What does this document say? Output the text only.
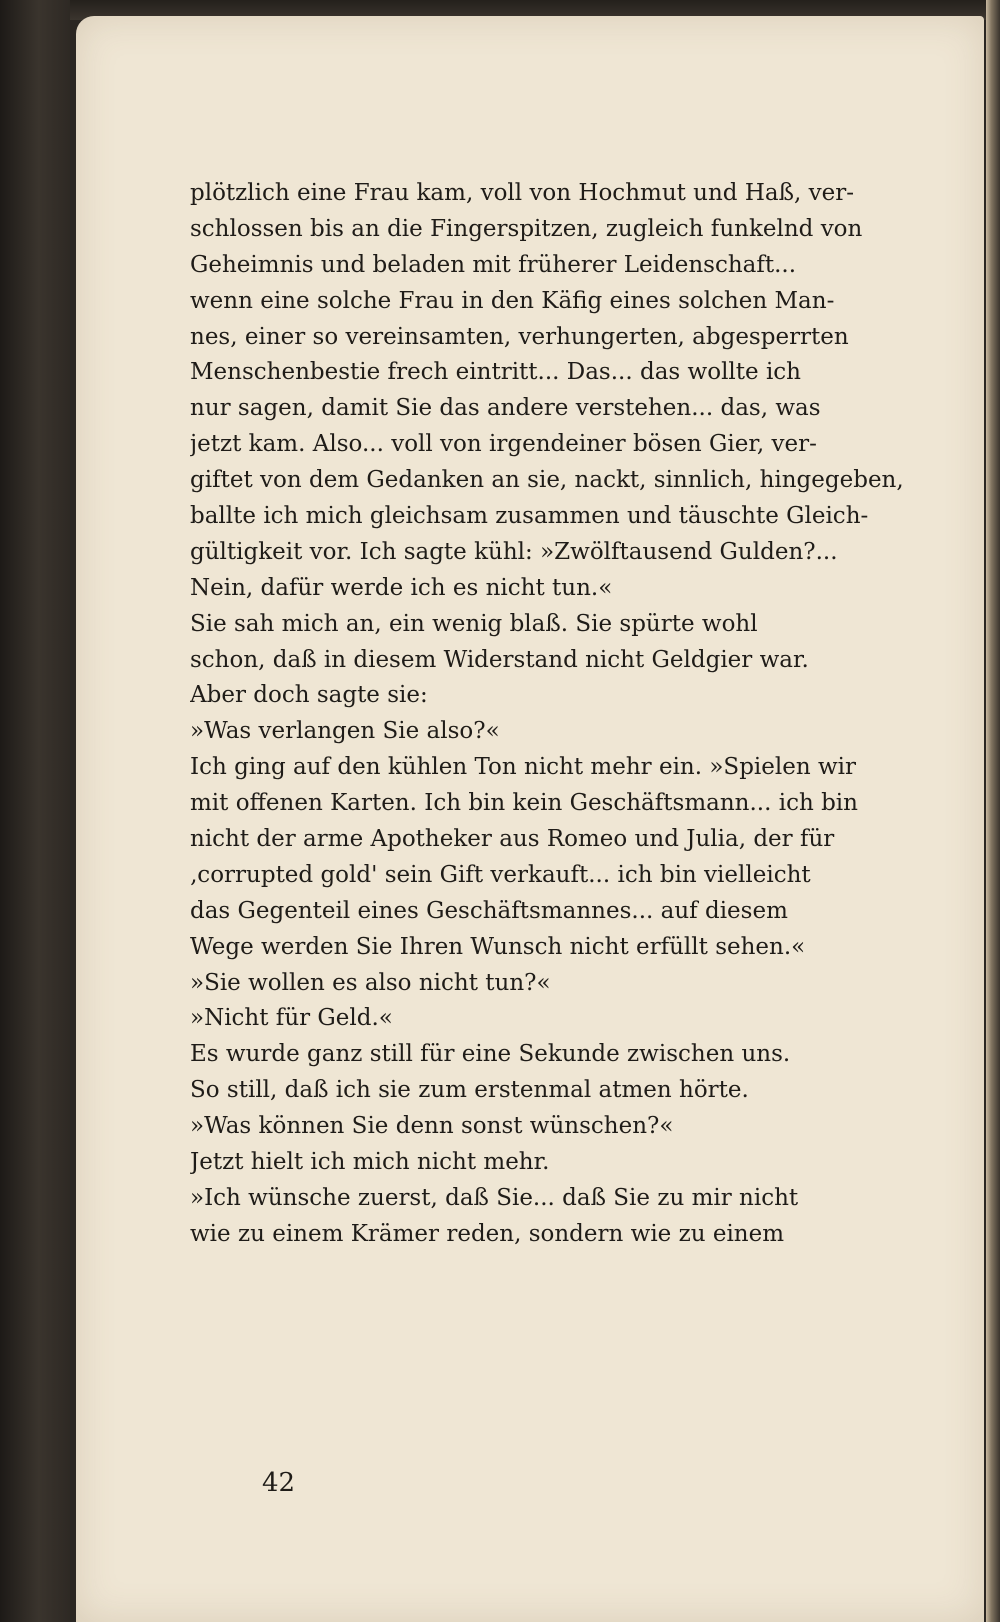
plötzlich eine Frau kam, voll von Hochmut und Haß, ver-
schlossen bis an die Fingerspitzen, zugleich funkelnd von
Geheimnis und beladen mit früherer Leidenschaft...
wenn eine solche Frau in den Käfig eines solchen Man-
nes, einer so vereinsamten, verhungerten, abgesperrten
Menschenbestie frech eintritt... Das... das wollte ich
nur sagen, damit Sie das andere verstehen... das, was
jetzt kam. Also... voll von irgendeiner bösen Gier, ver-
giftet von dem Gedanken an sie, nackt, sinnlich, hingegeben,
ballte ich mich gleichsam zusammen und täuschte Gleich-
gültigkeit vor. Ich sagte kühl: »Zwölftausend Gulden?...
Nein, dafür werde ich es nicht tun.«
Sie sah mich an, ein wenig blaß. Sie spürte wohl
schon, daß in diesem Widerstand nicht Geldgier war.
Aber doch sagte sie:
»Was verlangen Sie also?«
Ich ging auf den kühlen Ton nicht mehr ein. »Spielen wir
mit offenen Karten. Ich bin kein Geschäftsmann... ich bin
nicht der arme Apotheker aus Romeo und Julia, der für
‚corrupted gold' sein Gift verkauft... ich bin vielleicht
das Gegenteil eines Geschäftsmannes... auf diesem
Wege werden Sie Ihren Wunsch nicht erfüllt sehen.«
»Sie wollen es also nicht tun?«
»Nicht für Geld.«
Es wurde ganz still für eine Sekunde zwischen uns.
So still, daß ich sie zum erstenmal atmen hörte.
»Was können Sie denn sonst wünschen?«
Jetzt hielt ich mich nicht mehr.
»Ich wünsche zuerst, daß Sie... daß Sie zu mir nicht
wie zu einem Krämer reden, sondern wie zu einem
42
